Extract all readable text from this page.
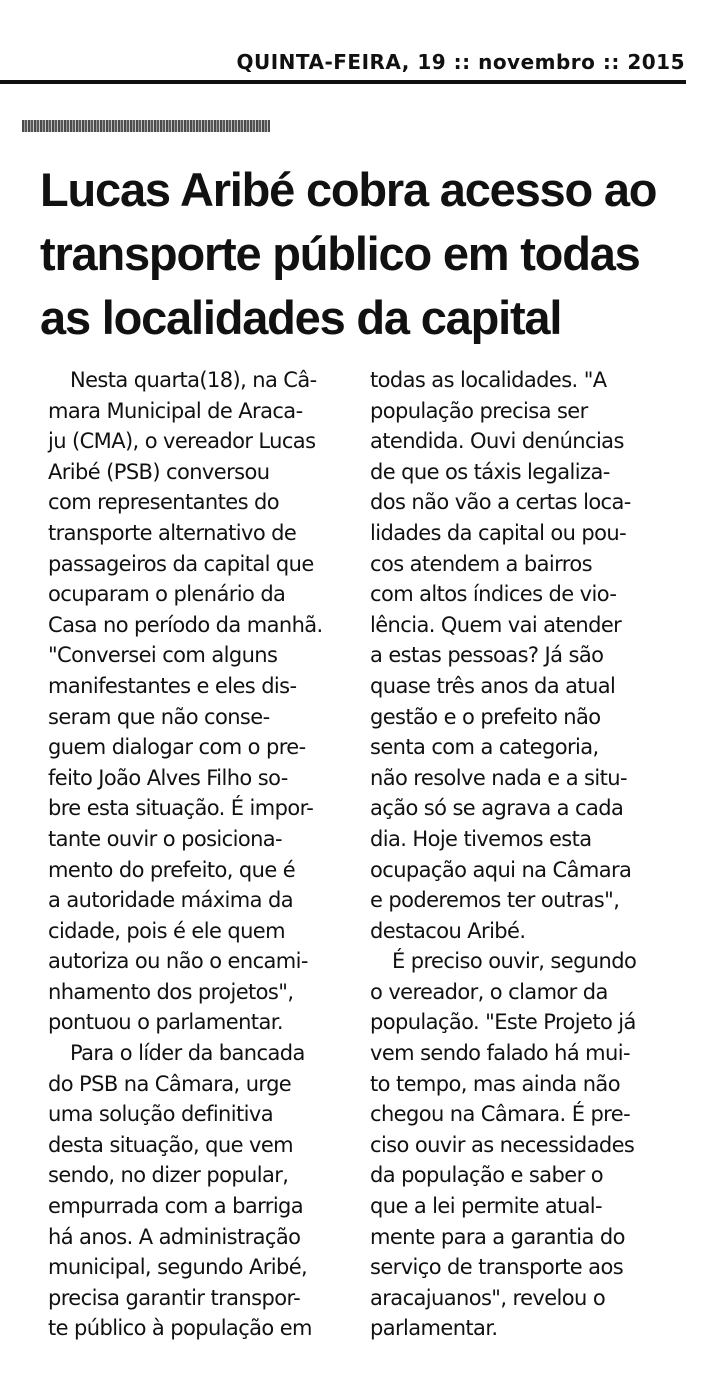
QUINTA-FEIRA, 19 :: novembro :: 2015
Lucas Aribé cobra acesso ao
transporte público em todas
as localidades da capital
Nesta quarta(18), na Câ-
mara Municipal de Araca-
ju (CMA), o vereador Lucas
Aribé (PSB) conversou
com representantes do
transporte alternativo de
passageiros da capital que
ocuparam o plenário da
Casa no período da manhã.
"Conversei com alguns
manifestantes e eles dis-
seram que não conse-
guem dialogar com o pre-
feito João Alves Filho so-
bre esta situação. É impor-
tante ouvir o posiciona-
mento do prefeito, que é
a autoridade máxima da
cidade, pois é ele quem
autoriza ou não o encami-
nhamento dos projetos",
pontuou o parlamentar.
Para o líder da bancada
do PSB na Câmara, urge
uma solução definitiva
desta situação, que vem
sendo, no dizer popular,
empurrada com a barriga
há anos. A administração
municipal, segundo Aribé,
precisa garantir transpor-
te público à população em
todas as localidades. "A
população precisa ser
atendida. Ouvi denúncias
de que os táxis legaliza-
dos não vão a certas loca-
lidades da capital ou pou-
cos atendem a bairros
com altos índices de vio-
lência. Quem vai atender
a estas pessoas? Já são
quase três anos da atual
gestão e o prefeito não
senta com a categoria,
não resolve nada e a situ-
ação só se agrava a cada
dia. Hoje tivemos esta
ocupação aqui na Câmara
e poderemos ter outras",
destacou Aribé.
É preciso ouvir, segundo
o vereador, o clamor da
população. "Este Projeto já
vem sendo falado há mui-
to tempo, mas ainda não
chegou na Câmara. É pre-
ciso ouvir as necessidades
da população e saber o
que a lei permite atual-
mente para a garantia do
serviço de transporte aos
aracajuanos", revelou o
parlamentar.
